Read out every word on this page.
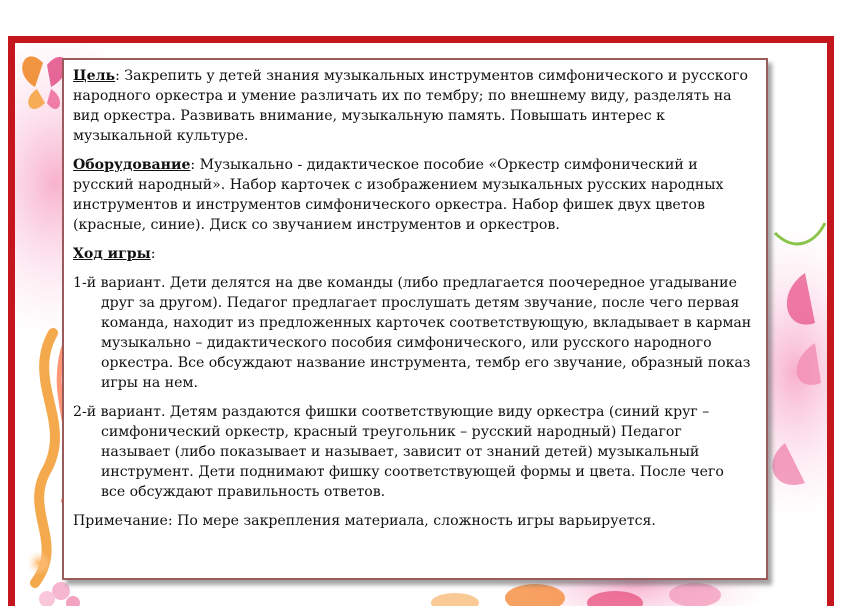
Цель: Закрепить у детей знания музыкальных инструментов симфонического и русского народного оркестра и умение различать их по тембру; по внешнему виду, разделять на вид оркестра. Развивать внимание, музыкальную память. Повышать интерес к музыкальной культуре.

Оборудование: Музыкально - дидактическое пособие «Оркестр симфонический и русский народный». Набор карточек с изображением музыкальных русских народных инструментов и инструментов симфонического оркестра. Набор фишек двух цветов (красные, синие). Диск со звучанием инструментов и оркестров.

Ход игры:

1-й вариант. Дети делятся на две команды (либо предлагается поочередное угадывание друг за другом). Педагог предлагает прослушать детям звучание, после чего первая команда, находит из предложенных карточек соответствующую, вкладывает в карман музыкально – дидактического пособия симфонического, или русского народного оркестра. Все обсуждают название инструмента, тембр его звучание, образный показ игры на нем.

2-й вариант. Детям раздаются фишки соответствующие виду оркестра (синий круг – симфонический оркестр, красный треугольник – русский народный) Педагог называет (либо показывает и называет, зависит от знаний детей) музыкальный инструмент. Дети поднимают фишку соответствующей формы и цвета. После чего все обсуждают правильность ответов.

Примечание: По мере закрепления материала, сложность игры варьируется.
